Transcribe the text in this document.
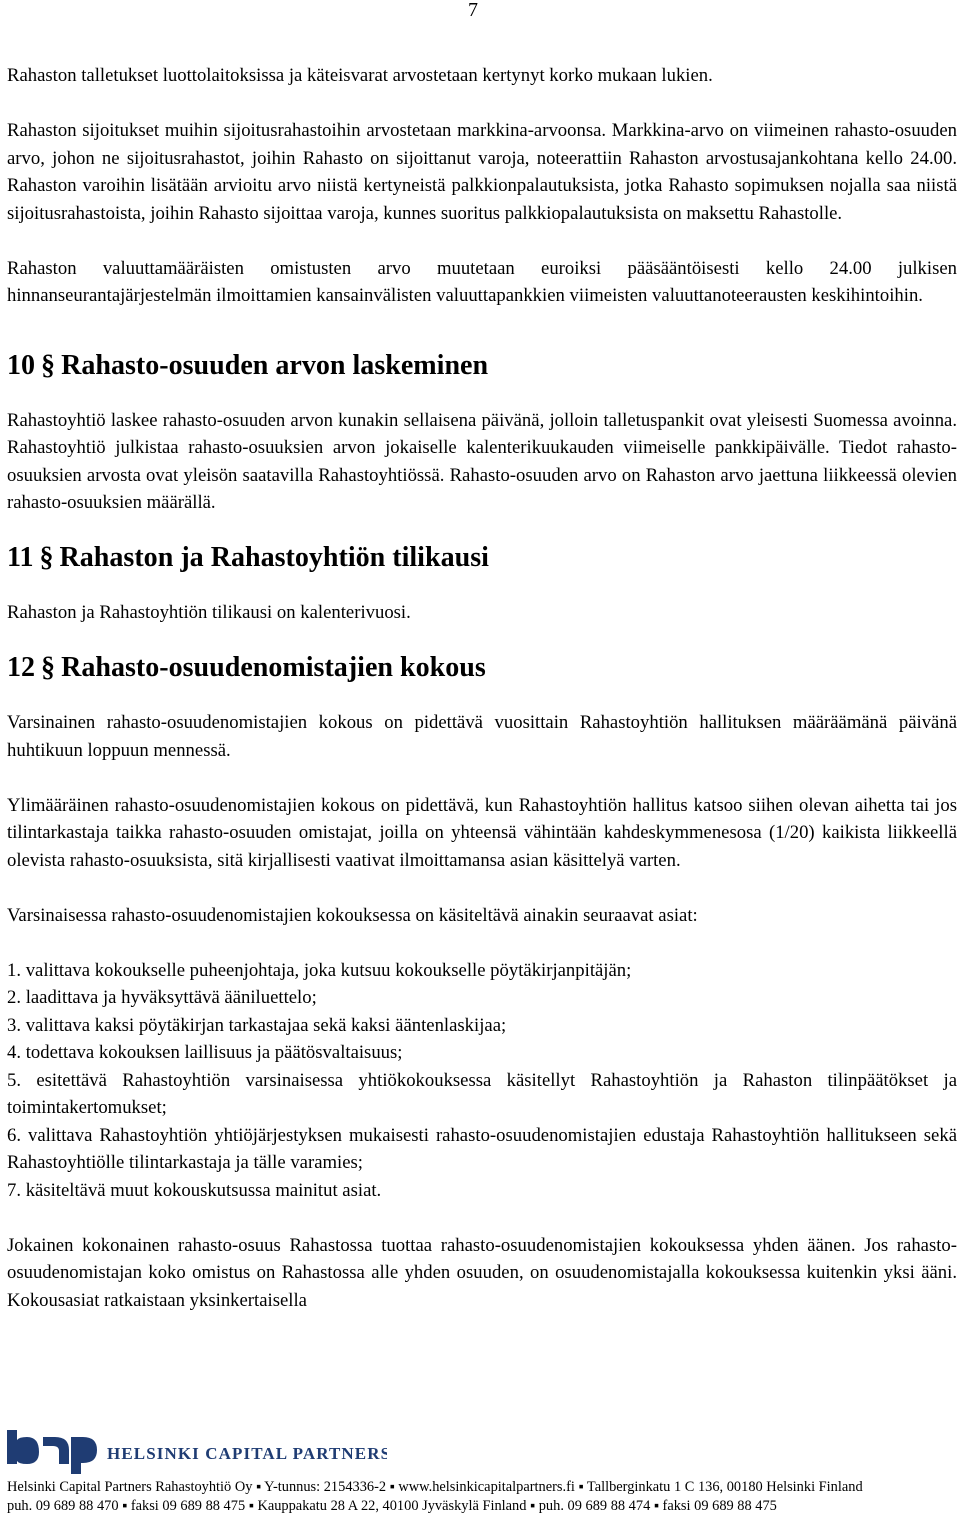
7

Rahaston talletukset luottolaitoksissa ja käteisvarat arvostetaan kertynyt korko mukaan lukien.

Rahaston sijoitukset muihin sijoitusrahastoihin arvostetaan markkina-arvoonsa. Markkina-arvo on viimeinen rahasto-osuuden arvo, johon ne sijoitusrahastot, joihin Rahasto on sijoittanut varoja, noteerattiin Rahaston arvostusajankohtana kello 24.00. Rahaston varoihin lisätään arvioitu arvo niistä kertyneistä palkkionpalautuksista, jotka Rahasto sopimuksen nojalla saa niistä sijoitusrahastoista, joihin Rahasto sijoittaa varoja, kunnes suoritus palkkiopalautuksista on maksettu Rahastolle.

Rahaston valuuttamääräisten omistusten arvo muutetaan euroiksi pääsääntöisesti kello 24.00 julkisen hinnanseurantajärjestelmän ilmoittamien kansainvälisten valuuttapankkien viimeisten valuuttanoteerausten keskihintoihin.

10 § Rahasto-osuuden arvon laskeminen

Rahastoyhtiö laskee rahasto-osuuden arvon kunakin sellaisena päivänä, jolloin talletuspankit ovat yleisesti Suomessa avoinna. Rahastoyhtiö julkistaa rahasto-osuuksien arvon jokaiselle kalenterikuukauden viimeiselle pankkipäivälle. Tiedot rahasto-osuuksien arvosta ovat yleisön saatavilla Rahastoyhtiössä. Rahasto-osuuden arvo on Rahaston arvo jaettuna liikkeessä olevien rahasto-osuuksien määrällä.

11 § Rahaston ja Rahastoyhtiön tilikausi

Rahaston ja Rahastoyhtiön tilikausi on kalenterivuosi.

12 § Rahasto-osuudenomistajien kokous

Varsinainen rahasto-osuudenomistajien kokous on pidettävä vuosittain Rahastoyhtiön hallituksen määräämänä päivänä huhtikuun loppuun mennessä.

Ylimääräinen rahasto-osuudenomistajien kokous on pidettävä, kun Rahastoyhtiön hallitus katsoo siihen olevan aihetta tai jos tilintarkastaja taikka rahasto-osuuden omistajat, joilla on yhteensä vähintään kahdeskymmenesosa (1/20) kaikista liikkeellä olevista rahasto-osuuksista, sitä kirjallisesti vaativat ilmoittamansa asian käsittelyä varten.

Varsinaisessa rahasto-osuudenomistajien kokouksessa on käsiteltävä ainakin seuraavat asiat:

1. valittava kokoukselle puheenjohtaja, joka kutsuu kokoukselle pöytäkirjanpitäjän;

2. laadittava ja hyväksyttävä ääniluettelo;

3. valittava kaksi pöytäkirjan tarkastajaa sekä kaksi ääntenlaskijaa;

4. todettava kokouksen laillisuus ja päätösvaltaisuus;

5. esitettävä Rahastoyhtiön varsinaisessa yhtiökokouksessa käsitellyt Rahastoyhtiön ja Rahaston tilinpäätökset ja toimintakertomukset;

6. valittava Rahastoyhtiön yhtiöjärjestyksen mukaisesti rahasto-osuudenomistajien edustaja Rahastoyhtiön hallitukseen sekä Rahastoyhtiölle tilintarkastaja ja tälle varamies;

7. käsiteltävä muut kokouskutsussa mainitut asiat.

Jokainen kokonainen rahasto-osuus Rahastossa tuottaa rahasto-osuudenomistajien kokouksessa yhden äänen. Jos rahasto-osuudenomistajan koko omistus on Rahastossa alle yhden osuuden, on osuudenomistajalla kokouksessa kuitenkin yksi ääni. Kokousasiat ratkaistaan yksinkertaisella

HELSINKI CAPITAL PARTNERS
Helsinki Capital Partners Rahastoyhtiö Oy ▪ Y-tunnus: 2154336-2 ▪ www.helsinkicapitalpartners.fi ▪ Tallberginkatu 1 C 136, 00180 Helsinki Finland
puh. 09 689 88 470 ▪ faksi 09 689 88 475 ▪ Kauppakatu 28 A 22, 40100 Jyväskylä Finland ▪ puh. 09 689 88 474 ▪ faksi 09 689 88 475
